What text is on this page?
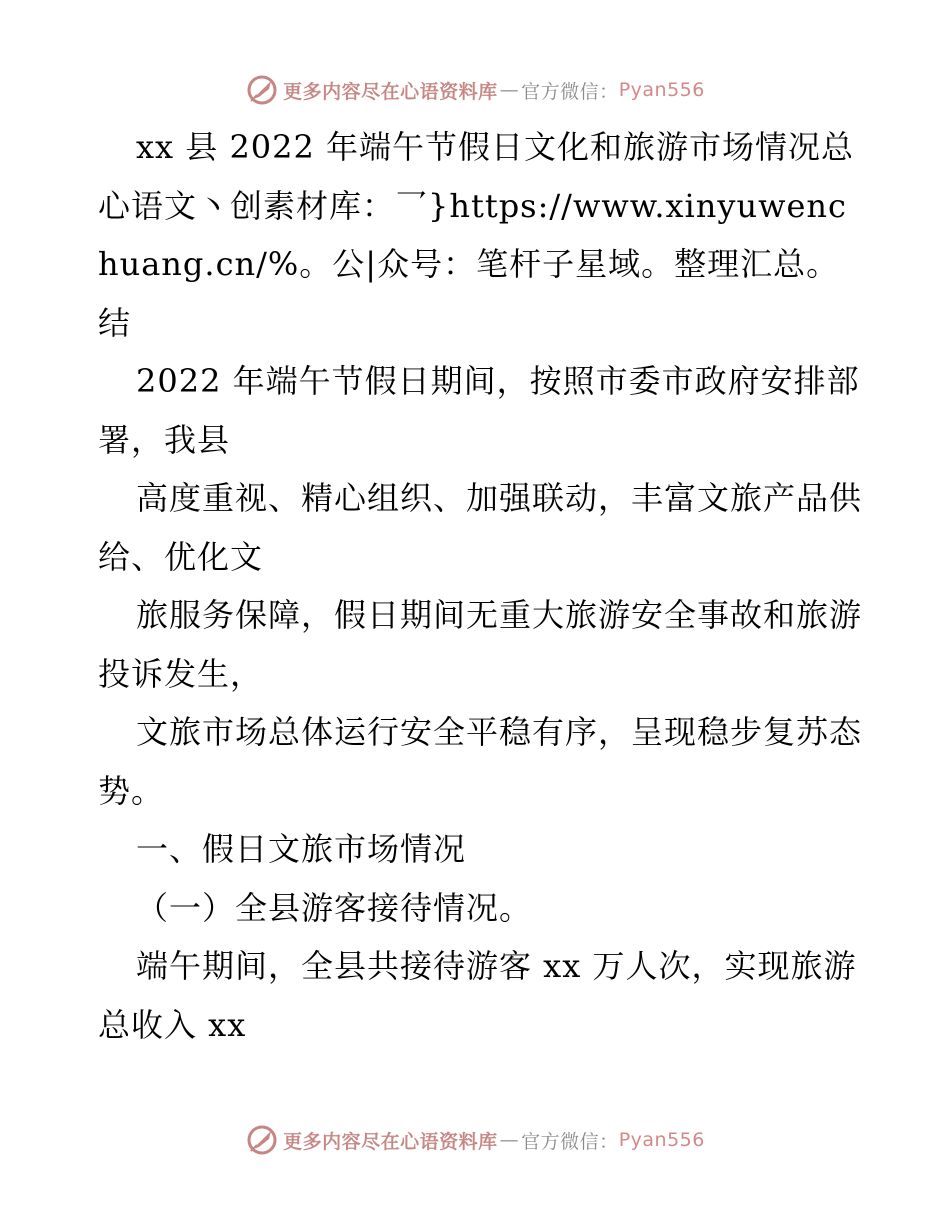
更多内容尽在心语资料库 — 官方微信： Pyan556

xx 县 2022 年端午节假日文化和旅游市场情况总心语文丶创素材库：乛}https://www.xinyuwenchuang.cn/%。公|众号：笔杆子星域。整理汇总。结

2022 年端午节假日期间，按照市委市政府安排部署，我县

高度重视、精心组织、加强联动，丰富文旅产品供给、优化文

旅服务保障，假日期间无重大旅游安全事故和旅游投诉发生，

文旅市场总体运行安全平稳有序，呈现稳步复苏态势。

一、假日文旅市场情况

（一）全县游客接待情况。

端午期间，全县共接待游客 xx 万人次，实现旅游总收入 xx

更多内容尽在心语资料库 — 官方微信： Pyan556
